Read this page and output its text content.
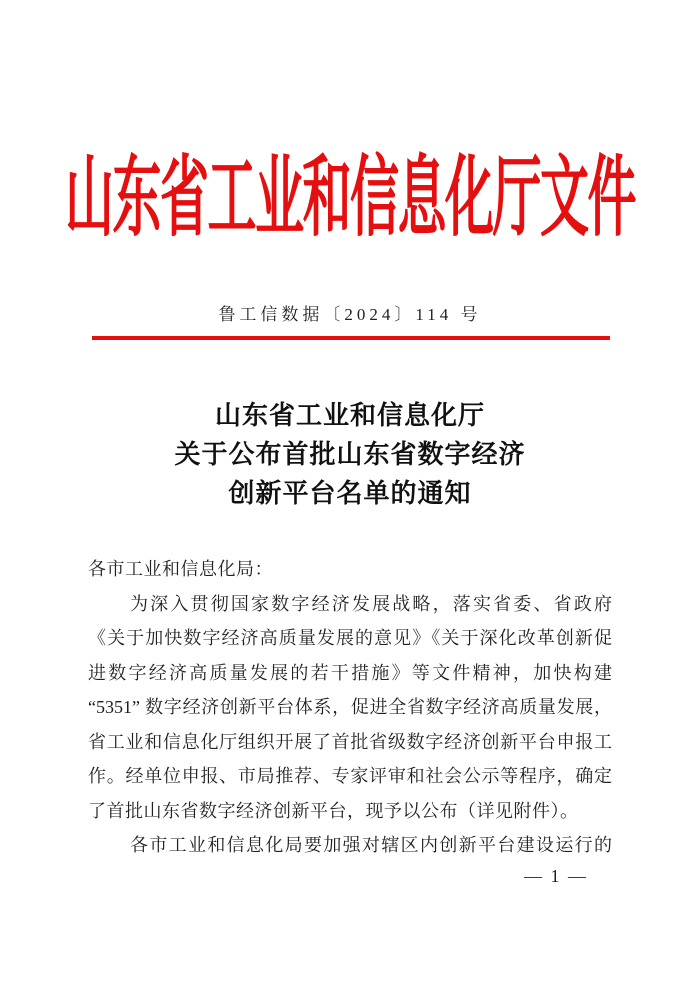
山东省工业和信息化厅文件
鲁工信数据〔2024〕114 号
山东省工业和信息化厅
关于公布首批山东省数字经济
创新平台名单的通知
各市工业和信息化局：
为深入贯彻国家数字经济发展战略，落实省委、省政府
《关于加快数字经济高质量发展的意见》《关于深化改革创新促
进数字经济高质量发展的若干措施》等文件精神，加快构建
“5351” 数字经济创新平台体系，促进全省数字经济高质量发展，
省工业和信息化厅组织开展了首批省级数字经济创新平台申报工
作。经单位申报、市局推荐、专家评审和社会公示等程序，确定
了首批山东省数字经济创新平台，现予以公布（详见附件）。
各市工业和信息化局要加强对辖区内创新平台建设运行的
— 1 —
